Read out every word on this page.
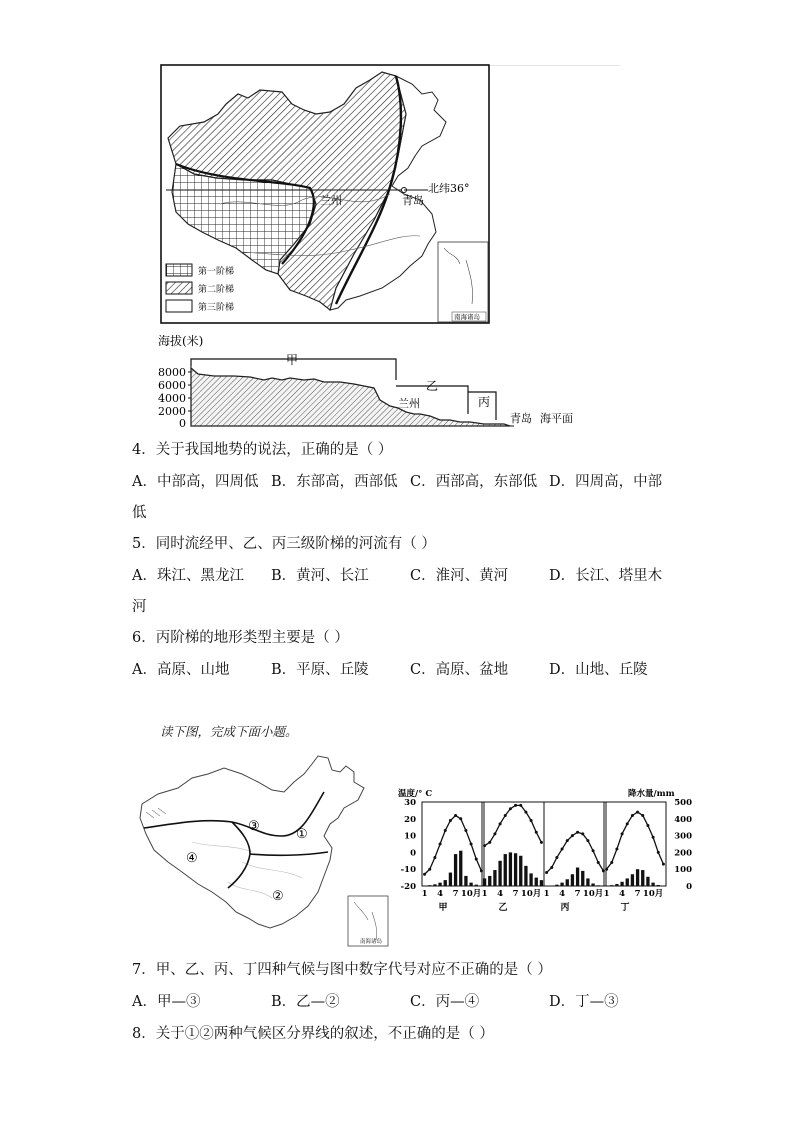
北纬36°
青岛
兰州
第一阶梯
第二阶梯
第三阶梯
南海诸岛
海拔(米)
8000
6000
4000
2000
0
甲
乙
丙
兰州
青岛 海平面
4．关于我国地势的说法，正确的是（ ）
A．中部高，四周低 B．东部高，西部低 C．西部高，东部低 D．四周高，中部
低
5．同时流经甲、乙、丙三级阶梯的河流有（ ）
A．珠江、黑龙江 B．黄河、长江	C．淮河、黄河	D．长江、塔里木
河
6．丙阶梯的地形类型主要是（ ）
A．高原、山地	B．平原、丘陵	C．高原、盆地	D．山地、丘陵
读下图，完成下面小题。
①
②
③
④
南海诸岛
温度/° C	降水量/mm
30
20
10
0
-10
-20
500
400
300
200
100
0
1 4 7 10月
甲
1 4 7 10月
乙
1 4 7 10月
丙
1 4 7 10月
丁
7．甲、乙、丙、丁四种气候与图中数字代号对应不正确的是（ ）
A．甲—③	B．乙—②	C．丙—④	D．丁—③
8．关于①②两种气候区分界线的叙述，不正确的是（ ）
